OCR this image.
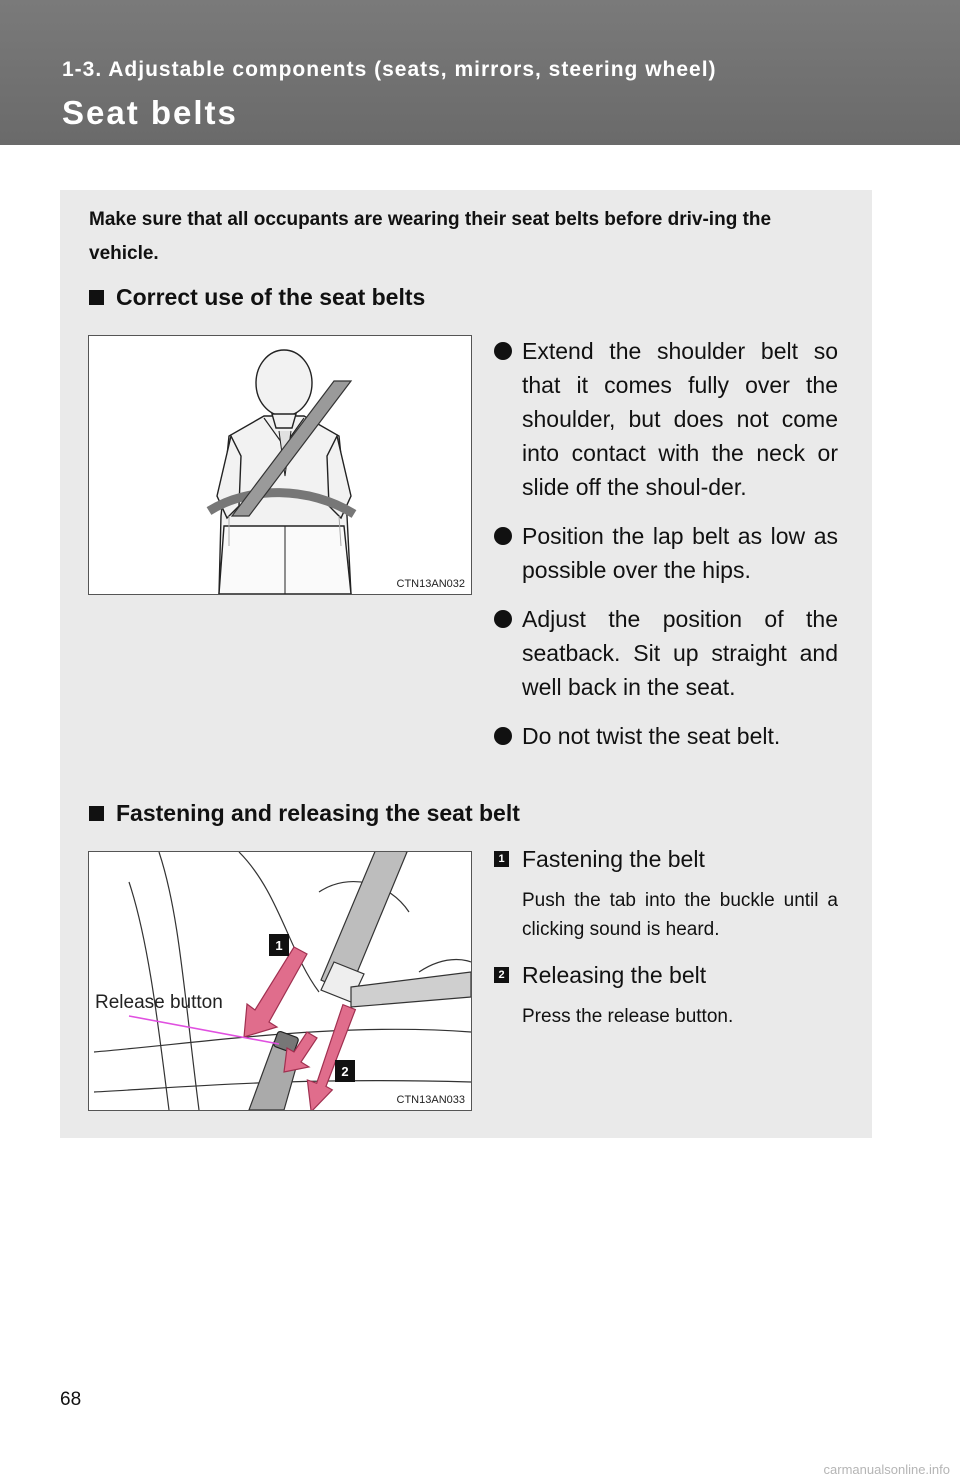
1-3. Adjustable components (seats, mirrors, steering wheel)

Seat belts

Make sure that all occupants are wearing their seat belts before driv-ing the vehicle.

Correct use of the seat belts
CTN13AN032
Extend the shoulder belt so that it comes fully over the shoulder, but does not come into contact with the neck or slide off the shoul-der.
Position the lap belt as low as possible over the hips.
Adjust the position of the seatback. Sit up straight and well back in the seat.
Do not twist the seat belt.
Fastening and releasing the seat belt
1
2
Release button
CTN13AN033
1 Fastening the belt

Push the tab into the buckle until a clicking sound is heard.

2 Releasing the belt

Press the release button.

68

carmanualsonline.info
